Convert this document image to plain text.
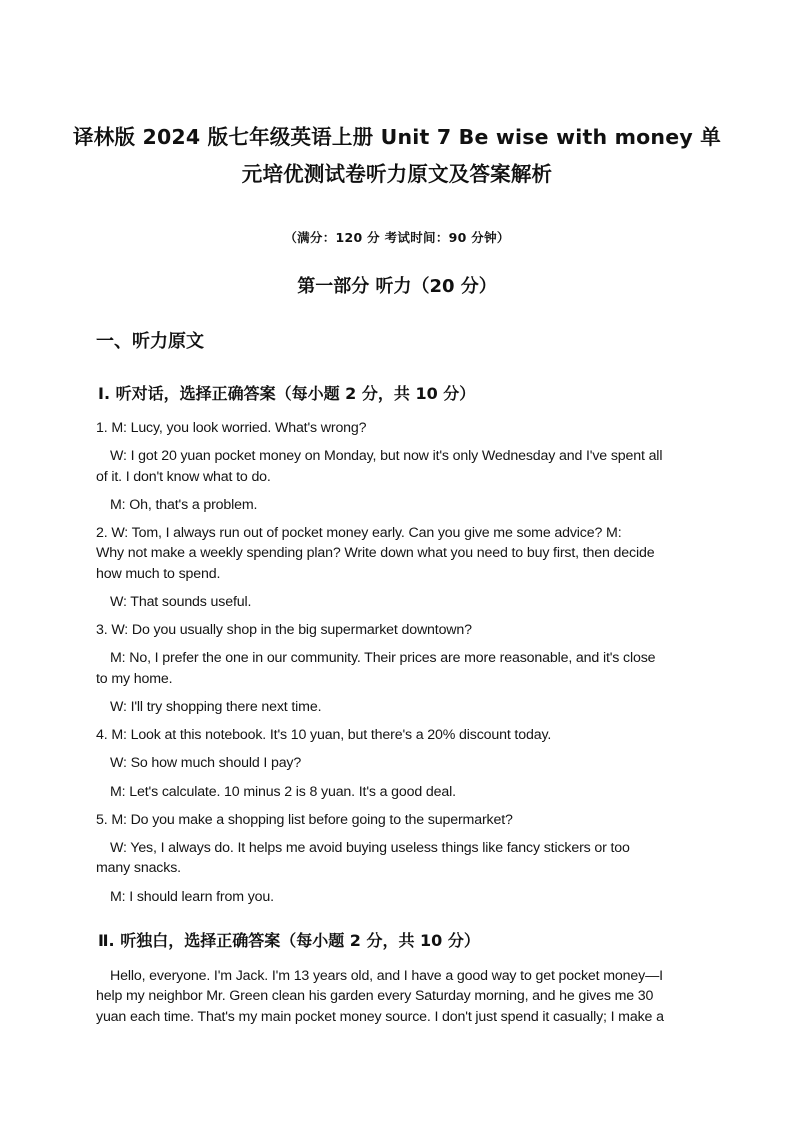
译林版 2024 版七年级英语上册 Unit 7 Be wise with money 单
元培优测试卷听力原文及答案解析
（满分：120 分 考试时间：90 分钟）
第一部分 听力（20 分）
一、听力原文
Ⅰ. 听对话，选择正确答案（每小题 2 分，共 10 分）
1. M: Lucy, you look worried. What's wrong?
W: I got 20 yuan pocket money on Monday, but now it's only Wednesday and I've spent all
of it. I don't know what to do.
M: Oh, that's a problem.
2. W: Tom, I always run out of pocket money early. Can you give me some advice? M:
Why not make a weekly spending plan? Write down what you need to buy first, then decide
how much to spend.
W: That sounds useful.
3. W: Do you usually shop in the big supermarket downtown?
M: No, I prefer the one in our community. Their prices are more reasonable, and it's close
to my home.
W: I'll try shopping there next time.
4. M: Look at this notebook. It's 10 yuan, but there's a 20% discount today.
W: So how much should I pay?
M: Let's calculate. 10 minus 2 is 8 yuan. It's a good deal.
5. M: Do you make a shopping list before going to the supermarket?
W: Yes, I always do. It helps me avoid buying useless things like fancy stickers or too
many snacks.
M: I should learn from you.
Ⅱ. 听独白，选择正确答案（每小题 2 分，共 10 分）
Hello, everyone. I'm Jack. I'm 13 years old, and I have a good way to get pocket money—I
help my neighbor Mr. Green clean his garden every Saturday morning, and he gives me 30
yuan each time. That's my main pocket money source. I don't just spend it casually; I make a
